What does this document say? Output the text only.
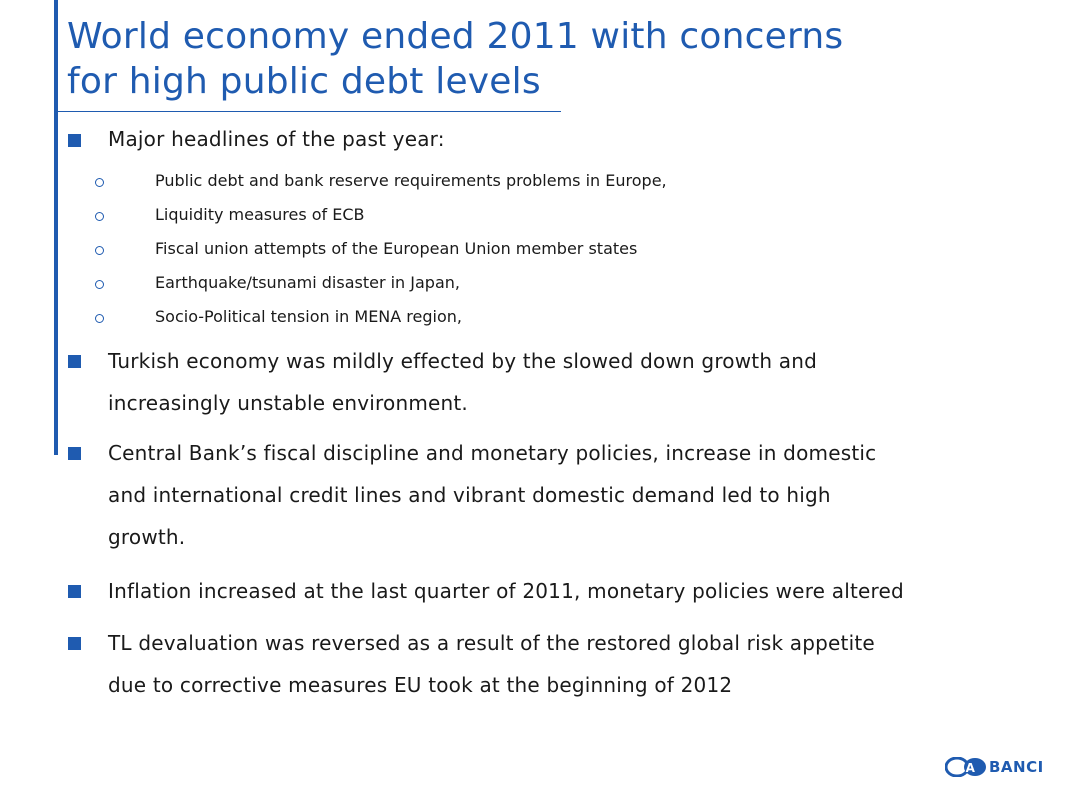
World economy ended 2011 with concerns
for high public debt levels
Major headlines of the past year:
Public debt and bank reserve requirements problems in Europe,
Liquidity measures of ECB
Fiscal union attempts of the European Union member states
Earthquake/tsunami disaster in Japan,
Socio-Political tension in MENA region,
Turkish economy was mildly effected by the slowed down growth and
increasingly unstable environment.
Central Bank’s fiscal discipline and monetary policies, increase in domestic
and international credit lines and vibrant domestic demand led to high
growth.
Inflation increased at the last quarter of 2011, monetary policies were altered
TL devaluation was reversed as a result of the restored global risk appetite
due to corrective measures EU took at the beginning of 2012
SA BANCI
